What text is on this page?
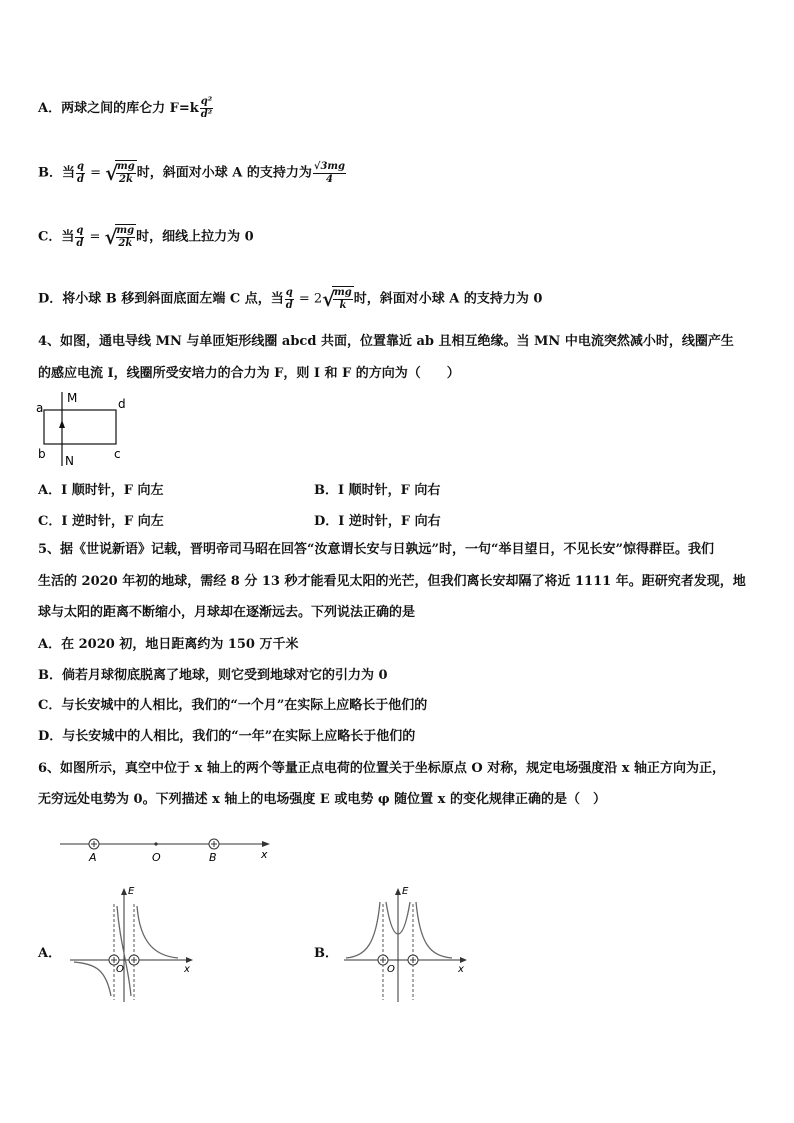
A．两球之间的库仑力 $F=k \frac{\text{q²}}{\text{d²}}$
B．当 $\frac{q}{d}$ = √
$\frac{mg}{2k}$ 时，斜面对小球 A 的支持力为 $\frac{√3mg}{4}$
C．当 $\frac{q}{d}$ = √
$\frac{mg}{2k}$ 时，细线上拉力为 0
D．将小球 B 移到斜面底面左端 C 点，当 $\frac{q}{d} = 2$ √
$\frac{mg}{k}$ 时，斜面对小球 A 的支持力为 0
4、如图，通电导线 MN 与单匝矩形线圈 abcd 共面，位置靠近 ab 且相互绝缘。当 MN 中电流突然减小时，线圈产生
的感应电流 I，线圈所受安培力的合力为 F，则 I 和 F 的方向为（　　）
a
M	d
b N	c
A．I 顺时针，F 向左	B．I 顺时针，F 向右
C．I 逆时针，F 向左	D．I 逆时针，F 向右
5、据《世说新语》记载，晋明帝司马昭在回答“汝意谓长安与日孰远”时，一句“举目望日，不见长安”惊得群臣。我们
生活的 2020 年初的地球，需经 8 分 13 秒才能看见太阳的光芒，但我们离长安却隔了将近 1111 年。距研究者发现，地
球与太阳的距离不断缩小，月球却在逐渐远去。下列说法正确的是
A．在 2020 初，地日距离约为 150 万千米
B．倘若月球彻底脱离了地球，则它受到地球对它的引力为 0
C．与长安城中的人相比，我们的“一个月”在实际上应略长于他们的
D．与长安城中的人相比，我们的“一年”在实际上应略长于他们的
6、如图所示，真空中位于 x 轴上的两个等量正点电荷的位置关于坐标原点 O 对称，规定电场强度沿 x 轴正方向为正，
无穷远处电势为 0。下列描述 x 轴上的电场强度 E 或电势 φ 随位置 x 的变化规律正确的是（　）
A	O	B	x
A．
E
O	x
B．
E
O	x
